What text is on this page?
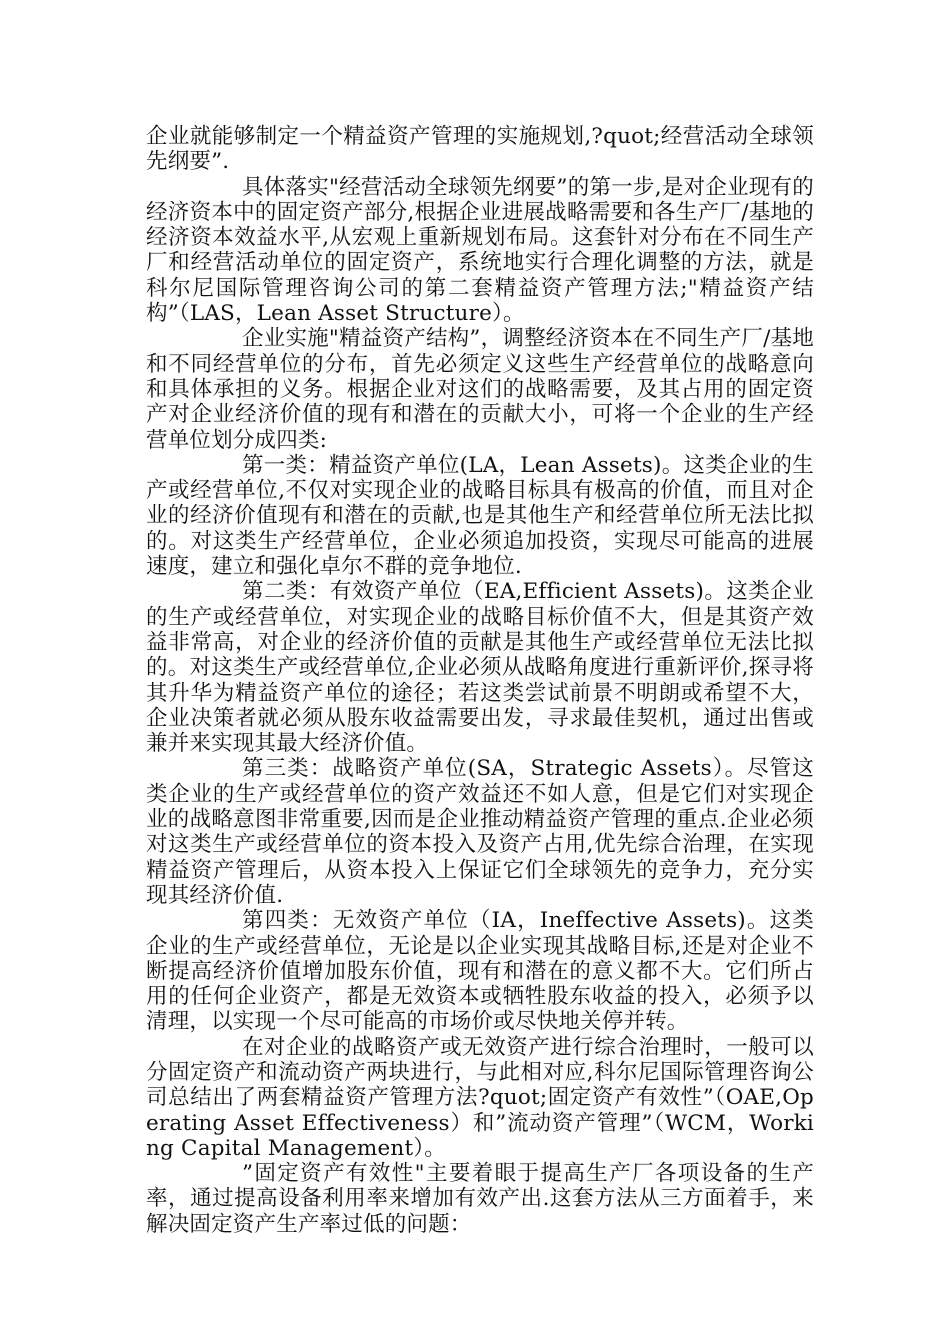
企业就能够制定一个精益资产管理的实施规划,?quot;经营活动全球领先纲要”.

具体落实"经营活动全球领先纲要”的第一步,是对企业现有的经济资本中的固定资产部分,根据企业进展战略需要和各生产厂/基地的经济资本效益水平,从宏观上重新规划布局。这套针对分布在不同生产厂和经营活动单位的固定资产，系统地实行合理化调整的方法，就是科尔尼国际管理咨询公司的第二套精益资产管理方法;"精益资产结构”（LAS，Lean Asset Structure）。

企业实施"精益资产结构”，调整经济资本在不同生产厂/基地和不同经营单位的分布，首先必须定义这些生产经营单位的战略意向和具体承担的义务。根据企业对这们的战略需要，及其占用的固定资产对企业经济价值的现有和潜在的贡献大小，可将一个企业的生产经营单位划分成四类:

第一类：精益资产单位(LA，Lean Assets)。这类企业的生产或经营单位,不仅对实现企业的战略目标具有极高的价值，而且对企业的经济价值现有和潜在的贡献,也是其他生产和经营单位所无法比拟的。对这类生产经营单位，企业必须追加投资，实现尽可能高的进展速度，建立和强化卓尔不群的竞争地位.

第二类：有效资产单位（EA,Efficient Assets)。这类企业的生产或经营单位，对实现企业的战略目标价值不大，但是其资产效益非常高，对企业的经济价值的贡献是其他生产或经营单位无法比拟的。对这类生产或经营单位,企业必须从战略角度进行重新评价,探寻将其升华为精益资产单位的途径；若这类尝试前景不明朗或希望不大，企业决策者就必须从股东收益需要出发，寻求最佳契机，通过出售或兼并来实现其最大经济价值。

第三类：战略资产单位(SA，Strategic Assets）。尽管这类企业的生产或经营单位的资产效益还不如人意，但是它们对实现企业的战略意图非常重要,因而是企业推动精益资产管理的重点.企业必须对这类生产或经营单位的资本投入及资产占用,优先综合治理，在实现精益资产管理后，从资本投入上保证它们全球领先的竞争力，充分实现其经济价值.

第四类：无效资产单位（IA，Ineffective Assets)。这类企业的生产或经营单位，无论是以企业实现其战略目标,还是对企业不断提高经济价值增加股东价值，现有和潜在的意义都不大。它们所占用的任何企业资产，都是无效资本或牺牲股东收益的投入，必须予以清理，以实现一个尽可能高的市场价或尽快地关停并转。

在对企业的战略资产或无效资产进行综合治理时，一般可以分固定资产和流动资产两块进行，与此相对应,科尔尼国际管理咨询公司总结出了两套精益资产管理方法?quot;固定资产有效性”（OAE,Operating Asset Effectiveness）和”流动资产管理”（WCM，Working Capital Management）。

”固定资产有效性"主要着眼于提高生产厂各项设备的生产率，通过提高设备利用率来增加有效产出.这套方法从三方面着手，来解决固定资产生产率过低的问题：
